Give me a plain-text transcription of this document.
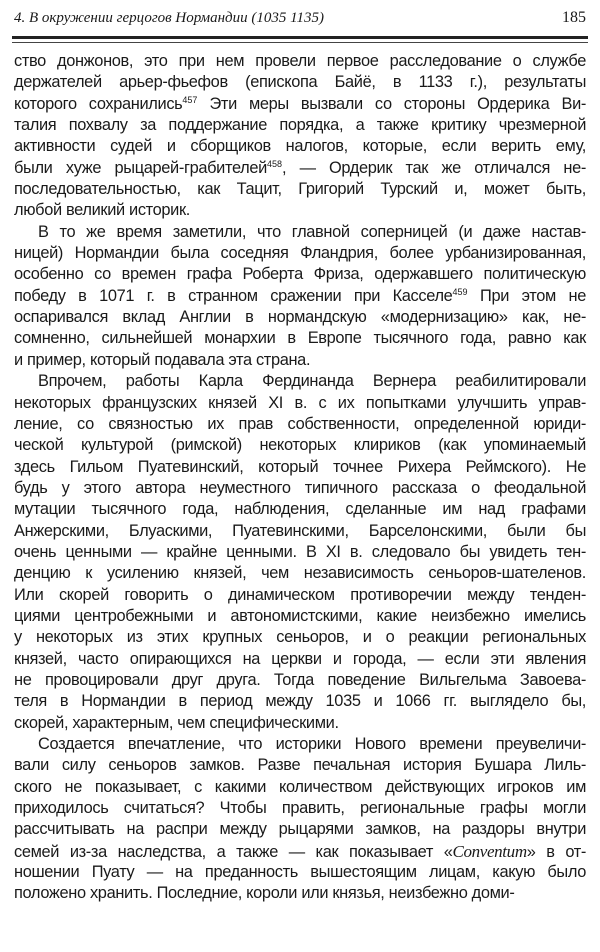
4. В окружении герцогов Нормандии (1035 1135)	185
ство донжонов, это при нем провели первое расследование о службе
держателей арьер-фьефов (епископа Байё, в 1133 г.), результаты
которого сохранились$^{457}$ Эти меры вызвали со стороны Ордерика Ви-
талия похвалу за поддержание порядка, а также критику чрезмерной
активности судей и сборщиков налогов, которые, если верить ему,
были хуже рыцарей-грабителей$^{458}$, — Ордерик так же отличался не-
последовательностью, как Тацит, Григорий Турский и, может быть,
любой великий историк.
В то же время заметили, что главной соперницей (и даже настав-
ницей) Нормандии была соседняя Фландрия, более урбанизированная,
особенно со времен графа Роберта Фриза, одержавшего политическую
победу в 1071 г. в странном сражении при Касселе$^{459}$ При этом не
оспаривался вклад Англии в нормандскую «модернизацию» как, не-
сомненно, сильнейшей монархии в Европе тысячного года, равно как
и пример, который подавала эта страна.
Впрочем, работы Карла Фердинанда Вернера реабилитировали
некоторых французских князей XI в. с их попытками улучшить управ-
ление, со связностью их прав собственности, определенной юриди-
ческой культурой (римской) некоторых клириков (как упоминаемый
здесь Гильом Пуатевинский, который точнее Рихера Реймского). Не
будь у этого автора неуместного типичного рассказа о феодальной
мутации тысячного года, наблюдения, сделанные им над графами
Анжерскими, Блуаскими, Пуатевинскими, Барселонскими, были бы
очень ценными — крайне ценными. В XI в. следовало бы увидеть тен-
денцию к усилению князей, чем независимость сеньоров-шателенов.
Или скорей говорить о динамическом противоречии между тенден-
циями центробежными и автономистскими, какие неизбежно имелись
у некоторых из этих крупных сеньоров, и о реакции региональных
князей, часто опирающихся на церкви и города, — если эти явления
не провоцировали друг друга. Тогда поведение Вильгельма Завоева-
теля в Нормандии в период между 1035 и 1066 гг. выглядело бы,
скорей, характерным, чем специфическими.
Создается впечатление, что историки Нового времени преувеличи-
вали силу сеньоров замков. Разве печальная история Бушара Лиль-
ского не показывает, с какими количеством действующих игроков им
приходилось считаться? Чтобы править, региональные графы могли
рассчитывать на распри между рыцарями замков, на раздоры внутри
семей из-за наследства, а также — как показывает «Conventum» в от-
ношении Пуату — на преданность вышестоящим лицам, какую было
положено хранить. Последние, короли или князья, неизбежно доми-
